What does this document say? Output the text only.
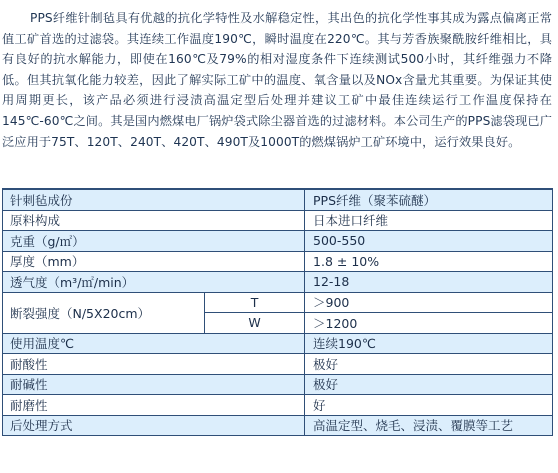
PPS纤维针制毡具有优越的抗化学特性及水解稳定性，其出色的抗化学性事其成为露点偏离正常值工矿首选的过滤袋。其连续工作温度190℃，瞬时温度在220℃。其与芳香族聚酰胺纤维相比，具有良好的抗水解能力，即使在160℃及79%的相对湿度条件下连续测试500小时，其纤维强力不降低。但其抗氧化能力较差，因此了解实际工矿中的温度、氧含量以及NOx含量尤其重要。为保证其使用周期更长，该产品必须进行浸渍高温定型后处理并建议工矿中最佳连续运行工作温度保持在145℃-60℃之间。其是国内燃煤电厂锅炉袋式除尘器首选的过滤材料。本公司生产的PPS滤袋现已广泛应用于75T、120T、240T、420T、490T及1000T的燃煤锅炉工矿环境中，运行效果良好。

针刺毡成份		PPS纤维（聚苯硫醚）
原料构成		日本进口纤维
克重（g/㎡）		500-550
厚度（mm）		1.8 ± 10%
透气度（m³/㎡/min）		12-18
断裂强度（N/5X20cm）	T	＞900
	W	＞1200
使用温度℃		连续190℃
耐酸性		极好
耐碱性		极好
耐磨性		好
后处理方式		高温定型、烧毛、浸渍、覆膜等工艺
